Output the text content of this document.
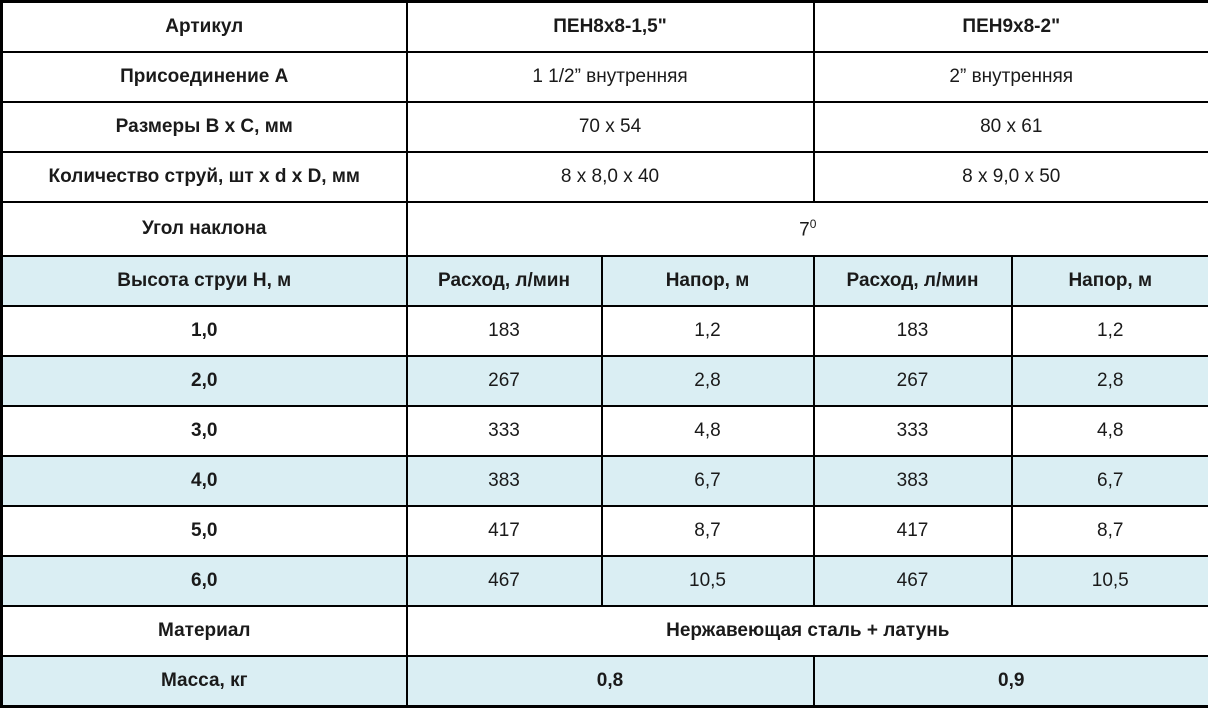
Артикул	ПЕН8х8-1,5"		ПЕН9х8-2"	
Присоединение А	1 1/2” внутренняя		2” внутренняя	
Размеры В х С, мм	70 х 54		80 х 61	
Количество струй, шт х d х D, мм	8 х 8,0 х 40		8 х 9,0 х 50	
Угол наклона	$7^0$
Высота струи Н, м	Расход, л/мин	Напор, м	Расход, л/мин	Напор, м
1,0	183	1,2	183	1,2
2,0	267	2,8	267	2,8
3,0	333	4,8	333	4,8
4,0	383	6,7	383	6,7
5,0	417	8,7	417	8,7
6,0	467	10,5	467	10,5
Материал	Нержавеющая сталь + латунь			
Масса, кг	0,8		0,9	
